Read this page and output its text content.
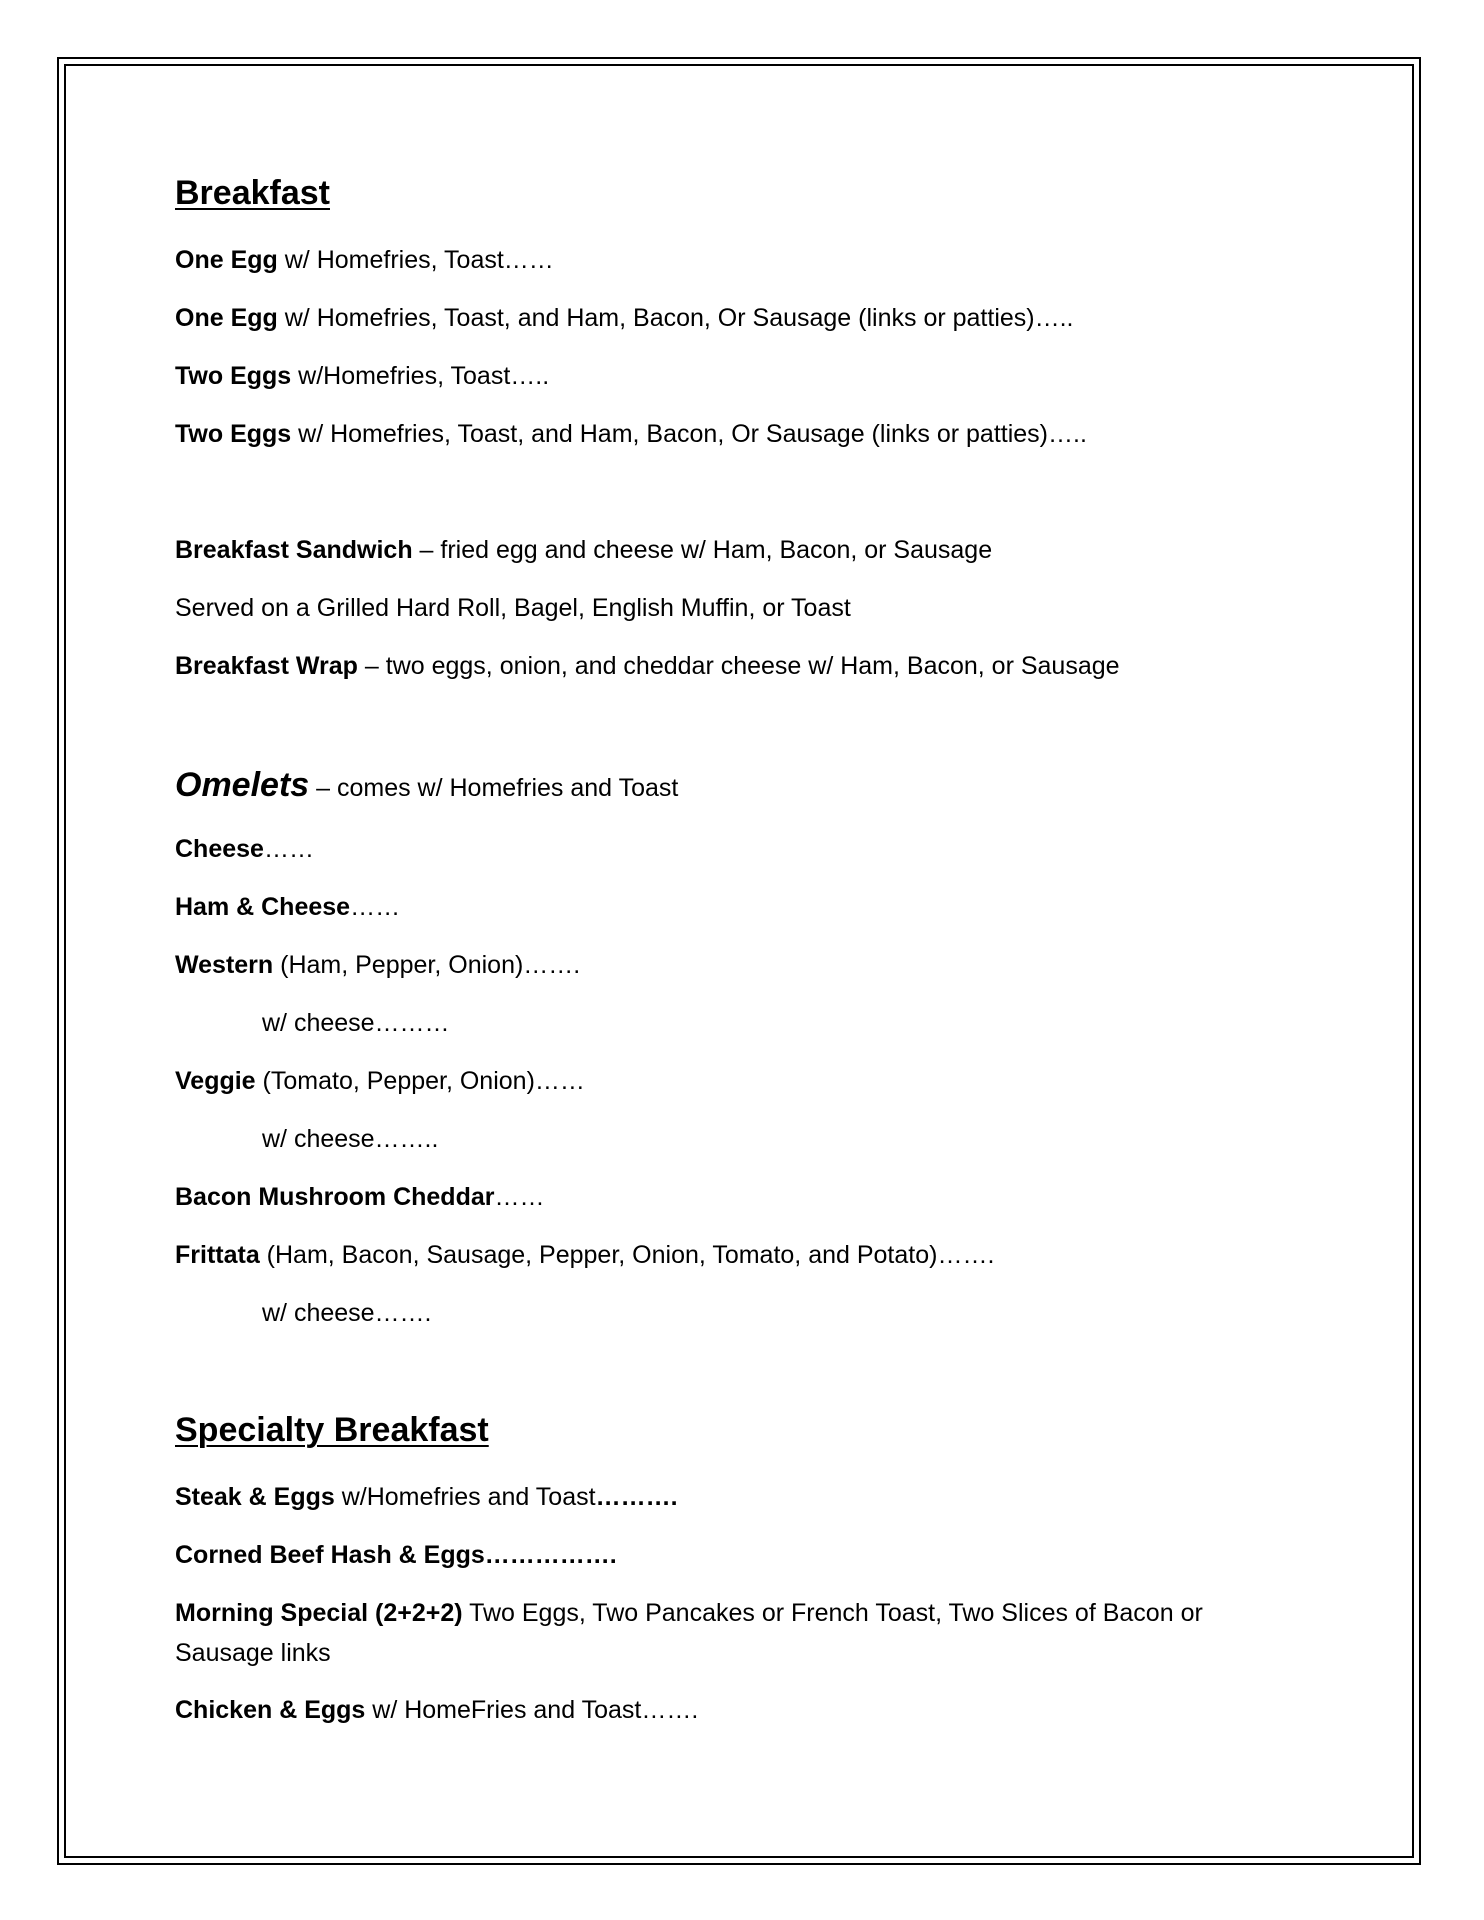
Breakfast
One Egg w/ Homefries, Toast……
One Egg w/ Homefries, Toast, and Ham, Bacon, Or Sausage (links or patties)…..
Two Eggs w/Homefries, Toast…..
Two Eggs w/ Homefries, Toast, and Ham, Bacon, Or Sausage (links or patties)…..
Breakfast Sandwich – fried egg and cheese w/ Ham, Bacon, or Sausage
Served on a Grilled Hard Roll, Bagel, English Muffin, or Toast
Breakfast Wrap – two eggs, onion, and cheddar cheese w/ Ham, Bacon, or Sausage
Omelets – comes w/ Homefries and Toast
Cheese……
Ham & Cheese……
Western (Ham, Pepper, Onion)…….
w/ cheese………
Veggie (Tomato, Pepper, Onion)……
w/ cheese……..
Bacon Mushroom Cheddar……
Frittata (Ham, Bacon, Sausage, Pepper, Onion, Tomato, and Potato)…….
w/ cheese…….
Specialty Breakfast
Steak & Eggs w/Homefries and Toast……….
Corned Beef Hash & Eggs…………….
Morning Special (2+2+2) Two Eggs, Two Pancakes or French Toast, Two Slices of Bacon or Sausage links
Chicken & Eggs w/ HomeFries and Toast…….
